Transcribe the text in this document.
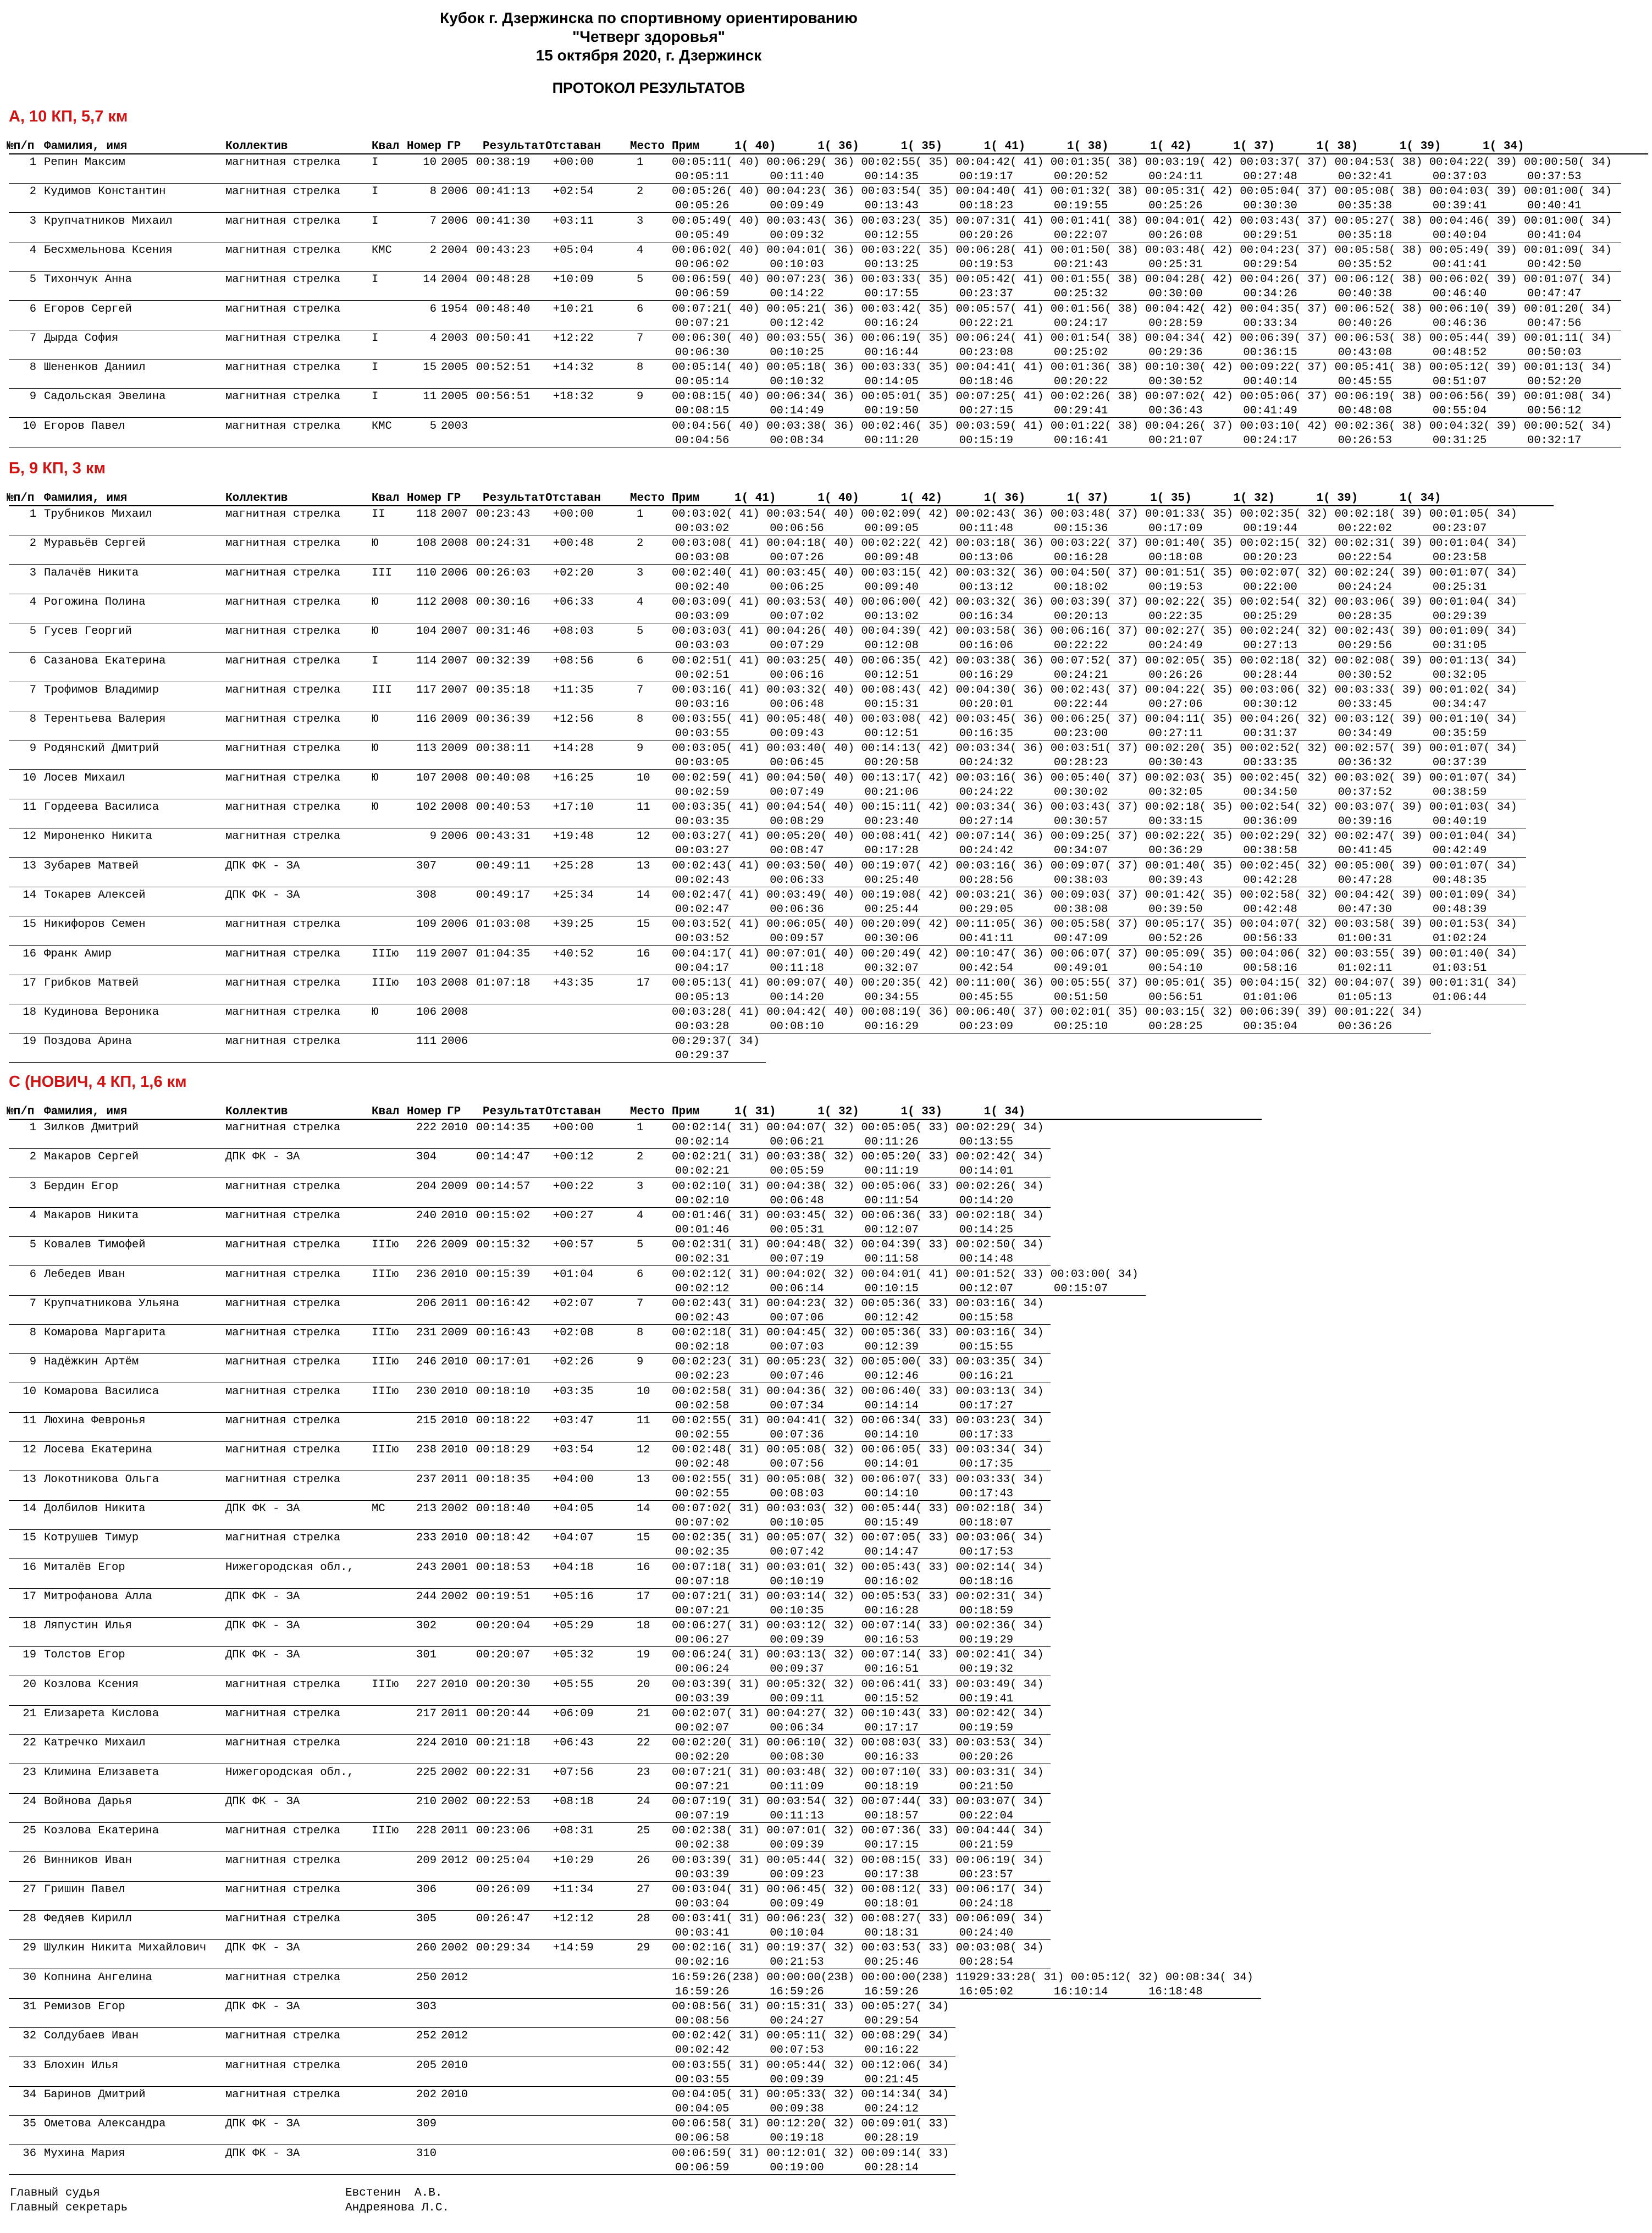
Кубок г. Дзержинска по спортивному ориентированию
"Четверг здоровья"
15 октября 2020, г. Дзержинск
ПРОТОКОЛ РЕЗУЛЬТАТОВ
А, 10 КП, 5,7 км
№п/п Фамилия, имя	Коллектив	Квал Номер ГР Результат Отставан	Место Прим	1( 40)      1( 36)      1( 35)      1( 41)      1( 38)      1( 42)      1( 37)      1( 38)      1( 39)      1( 34)
1 Репин Максим	магнитная стрелка	I	10 2005 00:38:19 +00:00	1	00:05:11( 40) 00:06:29( 36) 00:02:55( 35) 00:04:42( 41) 00:01:35( 38) 00:03:19( 42) 00:03:37( 37) 00:04:53( 38) 00:04:22( 39) 00:00:50( 34)
00:05:11      00:11:40      00:14:35      00:19:17      00:20:52      00:24:11      00:27:48      00:32:41      00:37:03      00:37:53
2 Кудимов Константин	магнитная стрелка	I	8 2006 00:41:13 +02:54	2	00:05:26( 40) 00:04:23( 36) 00:03:54( 35) 00:04:40( 41) 00:01:32( 38) 00:05:31( 42) 00:05:04( 37) 00:05:08( 38) 00:04:03( 39) 00:01:00( 34)
00:05:26      00:09:49      00:13:43      00:18:23      00:19:55      00:25:26      00:30:30      00:35:38      00:39:41      00:40:41
3 Крупчатников Михаил	магнитная стрелка	I	7 2006 00:41:30 +03:11	3	00:05:49( 40) 00:03:43( 36) 00:03:23( 35) 00:07:31( 41) 00:01:41( 38) 00:04:01( 42) 00:03:43( 37) 00:05:27( 38) 00:04:46( 39) 00:01:00( 34)
00:05:49      00:09:32      00:12:55      00:20:26      00:22:07      00:26:08      00:29:51      00:35:18      00:40:04      00:41:04
4 Бесхмельнова Ксения	магнитная стрелка	КМС	2 2004 00:43:23 +05:04	4	00:06:02( 40) 00:04:01( 36) 00:03:22( 35) 00:06:28( 41) 00:01:50( 38) 00:03:48( 42) 00:04:23( 37) 00:05:58( 38) 00:05:49( 39) 00:01:09( 34)
00:06:02      00:10:03      00:13:25      00:19:53      00:21:43      00:25:31      00:29:54      00:35:52      00:41:41      00:42:50
5 Тихончук Анна	магнитная стрелка	I	14 2004 00:48:28 +10:09	5	00:06:59( 40) 00:07:23( 36) 00:03:33( 35) 00:05:42( 41) 00:01:55( 38) 00:04:28( 42) 00:04:26( 37) 00:06:12( 38) 00:06:02( 39) 00:01:07( 34)
00:06:59      00:14:22      00:17:55      00:23:37      00:25:32      00:30:00      00:34:26      00:40:38      00:46:40      00:47:47
6 Егоров Сергей	магнитная стрелка	6 1954 00:48:40 +10:21	6	00:07:21( 40) 00:05:21( 36) 00:03:42( 35) 00:05:57( 41) 00:01:56( 38) 00:04:42( 42) 00:04:35( 37) 00:06:52( 38) 00:06:10( 39) 00:01:20( 34)
00:07:21      00:12:42      00:16:24      00:22:21      00:24:17      00:28:59      00:33:34      00:40:26      00:46:36      00:47:56
7 Дырда София	магнитная стрелка	I	4 2003 00:50:41 +12:22	7	00:06:30( 40) 00:03:55( 36) 00:06:19( 35) 00:06:24( 41) 00:01:54( 38) 00:04:34( 42) 00:06:39( 37) 00:06:53( 38) 00:05:44( 39) 00:01:11( 34)
00:06:30      00:10:25      00:16:44      00:23:08      00:25:02      00:29:36      00:36:15      00:43:08      00:48:52      00:50:03
8 Шененков Даниил	магнитная стрелка	I	15 2005 00:52:51 +14:32	8	00:05:14( 40) 00:05:18( 36) 00:03:33( 35) 00:04:41( 41) 00:01:36( 38) 00:10:30( 42) 00:09:22( 37) 00:05:41( 38) 00:05:12( 39) 00:01:13( 34)
00:05:14      00:10:32      00:14:05      00:18:46      00:20:22      00:30:52      00:40:14      00:45:55      00:51:07      00:52:20
9 Садольская Эвелина	магнитная стрелка	I	11 2005 00:56:51 +18:32	9	00:08:15( 40) 00:06:34( 36) 00:05:01( 35) 00:07:25( 41) 00:02:26( 38) 00:07:02( 42) 00:05:06( 37) 00:06:19( 38) 00:06:56( 39) 00:01:08( 34)
00:08:15      00:14:49      00:19:50      00:27:15      00:29:41      00:36:43      00:41:49      00:48:08      00:55:04      00:56:12
10 Егоров Павел	магнитная стрелка	КМС	5 2003	00:04:56( 40) 00:03:38( 36) 00:02:46( 35) 00:03:59( 41) 00:01:22( 38) 00:04:26( 37) 00:03:10( 42) 00:02:36( 38) 00:04:32( 39) 00:00:52( 34)
00:04:56      00:08:34      00:11:20      00:15:19      00:16:41      00:21:07      00:24:17      00:26:53      00:31:25      00:32:17
Б, 9 КП, 3 км
№п/п Фамилия, имя	Коллектив	Квал Номер ГР Результат Отставан	Место Прим	1( 41)      1( 40)      1( 42)      1( 36)      1( 37)      1( 35)      1( 32)      1( 39)      1( 34)
1 Трубников Михаил	магнитная стрелка	II	118 2007 00:23:43 +00:00	1	00:03:02( 41) 00:03:54( 40) 00:02:09( 42) 00:02:43( 36) 00:03:48( 37) 00:01:33( 35) 00:02:35( 32) 00:02:18( 39) 00:01:05( 34)
00:03:02      00:06:56      00:09:05      00:11:48      00:15:36      00:17:09      00:19:44      00:22:02      00:23:07
2 Муравьёв Сергей	магнитная стрелка	Ю	108 2008 00:24:31 +00:48	2	00:03:08( 41) 00:04:18( 40) 00:02:22( 42) 00:03:18( 36) 00:03:22( 37) 00:01:40( 35) 00:02:15( 32) 00:02:31( 39) 00:01:04( 34)
00:03:08      00:07:26      00:09:48      00:13:06      00:16:28      00:18:08      00:20:23      00:22:54      00:23:58
3 Палачёв Никита	магнитная стрелка	III	110 2006 00:26:03 +02:20	3	00:02:40( 41) 00:03:45( 40) 00:03:15( 42) 00:03:32( 36) 00:04:50( 37) 00:01:51( 35) 00:02:07( 32) 00:02:24( 39) 00:01:07( 34)
00:02:40      00:06:25      00:09:40      00:13:12      00:18:02      00:19:53      00:22:00      00:24:24      00:25:31
4 Рогожина Полина	магнитная стрелка	Ю	112 2008 00:30:16 +06:33	4	00:03:09( 41) 00:03:53( 40) 00:06:00( 42) 00:03:32( 36) 00:03:39( 37) 00:02:22( 35) 00:02:54( 32) 00:03:06( 39) 00:01:04( 34)
00:03:09      00:07:02      00:13:02      00:16:34      00:20:13      00:22:35      00:25:29      00:28:35      00:29:39
5 Гусев Георгий	магнитная стрелка	Ю	104 2007 00:31:46 +08:03	5	00:03:03( 41) 00:04:26( 40) 00:04:39( 42) 00:03:58( 36) 00:06:16( 37) 00:02:27( 35) 00:02:24( 32) 00:02:43( 39) 00:01:09( 34)
00:03:03      00:07:29      00:12:08      00:16:06      00:22:22      00:24:49      00:27:13      00:29:56      00:31:05
6 Сазанова Екатерина	магнитная стрелка	I	114 2007 00:32:39 +08:56	6	00:02:51( 41) 00:03:25( 40) 00:06:35( 42) 00:03:38( 36) 00:07:52( 37) 00:02:05( 35) 00:02:18( 32) 00:02:08( 39) 00:01:13( 34)
00:02:51      00:06:16      00:12:51      00:16:29      00:24:21      00:26:26      00:28:44      00:30:52      00:32:05
7 Трофимов Владимир	магнитная стрелка	III	117 2007 00:35:18 +11:35	7	00:03:16( 41) 00:03:32( 40) 00:08:43( 42) 00:04:30( 36) 00:02:43( 37) 00:04:22( 35) 00:03:06( 32) 00:03:33( 39) 00:01:02( 34)
00:03:16      00:06:48      00:15:31      00:20:01      00:22:44      00:27:06      00:30:12      00:33:45      00:34:47
8 Терентьева Валерия	магнитная стрелка	Ю	116 2009 00:36:39 +12:56	8	00:03:55( 41) 00:05:48( 40) 00:03:08( 42) 00:03:45( 36) 00:06:25( 37) 00:04:11( 35) 00:04:26( 32) 00:03:12( 39) 00:01:10( 34)
00:03:55      00:09:43      00:12:51      00:16:35      00:23:00      00:27:11      00:31:37      00:34:49      00:35:59
9 Родянский Дмитрий	магнитная стрелка	Ю	113 2009 00:38:11 +14:28	9	00:03:05( 41) 00:03:40( 40) 00:14:13( 42) 00:03:34( 36) 00:03:51( 37) 00:02:20( 35) 00:02:52( 32) 00:02:57( 39) 00:01:07( 34)
00:03:05      00:06:45      00:20:58      00:24:32      00:28:23      00:30:43      00:33:35      00:36:32      00:37:39
10 Лосев Михаил	магнитная стрелка	Ю	107 2008 00:40:08 +16:25	10 00:02:59( 41) 00:04:50( 40) 00:13:17( 42) 00:03:16( 36) 00:05:40( 37) 00:02:03( 35) 00:02:45( 32) 00:03:02( 39) 00:01:07( 34)
00:02:59      00:07:49      00:21:06      00:24:22      00:30:02      00:32:05      00:34:50      00:37:52      00:38:59
11 Гордеева Василиса	магнитная стрелка	Ю	102 2008 00:40:53 +17:10	11 00:03:35( 41) 00:04:54( 40) 00:15:11( 42) 00:03:34( 36) 00:03:43( 37) 00:02:18( 35) 00:02:54( 32) 00:03:07( 39) 00:01:03( 34)
00:03:35      00:08:29      00:23:40      00:27:14      00:30:57      00:33:15      00:36:09      00:39:16      00:40:19
12 Мироненко Никита	магнитная стрелка	9 2006 00:43:31 +19:48	12 00:03:27( 41) 00:05:20( 40) 00:08:41( 42) 00:07:14( 36) 00:09:25( 37) 00:02:22( 35) 00:02:29( 32) 00:02:47( 39) 00:01:04( 34)
00:03:27      00:08:47      00:17:28      00:24:42      00:34:07      00:36:29      00:38:58      00:41:45      00:42:49
13 Зубарев Матвей	ДПК ФК - ЗА	307	00:49:11 +25:28	13 00:02:43( 41) 00:03:50( 40) 00:19:07( 42) 00:03:16( 36) 00:09:07( 37) 00:01:40( 35) 00:02:45( 32) 00:05:00( 39) 00:01:07( 34)
00:02:43      00:06:33      00:25:40      00:28:56      00:38:03      00:39:43      00:42:28      00:47:28      00:48:35
14 Токарев Алексей	ДПК ФК - ЗА	308	00:49:17 +25:34	14 00:02:47( 41) 00:03:49( 40) 00:19:08( 42) 00:03:21( 36) 00:09:03( 37) 00:01:42( 35) 00:02:58( 32) 00:04:42( 39) 00:01:09( 34)
00:02:47      00:06:36      00:25:44      00:29:05      00:38:08      00:39:50      00:42:48      00:47:30      00:48:39
15 Никифоров Семен	магнитная стрелка	109 2006 01:03:08 +39:25	15 00:03:52( 41) 00:06:05( 40) 00:20:09( 42) 00:11:05( 36) 00:05:58( 37) 00:05:17( 35) 00:04:07( 32) 00:03:58( 39) 00:01:53( 34)
00:03:52      00:09:57      00:30:06      00:41:11      00:47:09      00:52:26      00:56:33      01:00:31      01:02:24
16 Франк Амир	магнитная стрелка	IIIю	119 2007 01:04:35 +40:52	16 00:04:17( 41) 00:07:01( 40) 00:20:49( 42) 00:10:47( 36) 00:06:07( 37) 00:05:09( 35) 00:04:06( 32) 00:03:55( 39) 00:01:40( 34)
00:04:17      00:11:18      00:32:07      00:42:54      00:49:01      00:54:10      00:58:16      01:02:11      01:03:51
17 Грибков Матвей	магнитная стрелка	IIIю	103 2008 01:07:18 +43:35	17 00:05:13( 41) 00:09:07( 40) 00:20:35( 42) 00:11:00( 36) 00:05:55( 37) 00:05:01( 35) 00:04:15( 32) 00:04:07( 39) 00:01:31( 34)
00:05:13      00:14:20      00:34:55      00:45:55      00:51:50      00:56:51      01:01:06      01:05:13      01:06:44
18 Кудинова Вероника	магнитная стрелка	Ю	106 2008	00:03:28( 41) 00:04:42( 40) 00:08:19( 36) 00:06:40( 37) 00:02:01( 35) 00:03:15( 32) 00:06:39( 39) 00:01:22( 34)
00:03:28      00:08:10      00:16:29      00:23:09      00:25:10      00:28:25      00:35:04      00:36:26
19 Поздова Арина	магнитная стрелка	111 2006	00:29:37( 34)
00:29:37
С (НОВИЧ, 4 КП, 1,6 км
№п/п Фамилия, имя	Коллектив	Квал Номер ГР Результат Отставан	Место Прим	1( 31)      1( 32)      1( 33)      1( 34)
1 Зилков Дмитрий	магнитная стрелка	222 2010 00:14:35 +00:00	1	00:02:14( 31) 00:04:07( 32) 00:05:05( 33) 00:02:29( 34)
00:02:14      00:06:21      00:11:26      00:13:55
2 Макаров Сергей	ДПК ФК - ЗА	304	00:14:47 +00:12	2	00:02:21( 31) 00:03:38( 32) 00:05:20( 33) 00:02:42( 34)
00:02:21      00:05:59      00:11:19      00:14:01
3 Бердин Егор	магнитная стрелка	204 2009 00:14:57 +00:22	3	00:02:10( 31) 00:04:38( 32) 00:05:06( 33) 00:02:26( 34)
00:02:10      00:06:48      00:11:54      00:14:20
4 Макаров Никита	магнитная стрелка	240 2010 00:15:02 +00:27	4	00:01:46( 31) 00:03:45( 32) 00:06:36( 33) 00:02:18( 34)
00:01:46      00:05:31      00:12:07      00:14:25
5 Ковалев Тимофей	магнитная стрелка	IIIю	226 2009 00:15:32 +00:57	5	00:02:31( 31) 00:04:48( 32) 00:04:39( 33) 00:02:50( 34)
00:02:31      00:07:19      00:11:58      00:14:48
6 Лебедев Иван	магнитная стрелка	IIIю	236 2010 00:15:39 +01:04	6	00:02:12( 31) 00:04:02( 32) 00:04:01( 41) 00:01:52( 33) 00:03:00( 34)
00:02:12      00:06:14      00:10:15      00:12:07      00:15:07
7 Крупчатникова Ульяна	магнитная стрелка	206 2011 00:16:42 +02:07	7	00:02:43( 31) 00:04:23( 32) 00:05:36( 33) 00:03:16( 34)
00:02:43      00:07:06      00:12:42      00:15:58
8 Комарова Маргарита	магнитная стрелка	IIIю	231 2009 00:16:43 +02:08	8	00:02:18( 31) 00:04:45( 32) 00:05:36( 33) 00:03:16( 34)
00:02:18      00:07:03      00:12:39      00:15:55
9 Надёжкин Артём	магнитная стрелка	IIIю	246 2010 00:17:01 +02:26	9	00:02:23( 31) 00:05:23( 32) 00:05:00( 33) 00:03:35( 34)
00:02:23      00:07:46      00:12:46      00:16:21
10 Комарова Василиса	магнитная стрелка	IIIю	230 2010 00:18:10 +03:35	10 00:02:58( 31) 00:04:36( 32) 00:06:40( 33) 00:03:13( 34)
00:02:58      00:07:34      00:14:14      00:17:27
11 Люхина Февронья	магнитная стрелка	215 2010 00:18:22 +03:47	11 00:02:55( 31) 00:04:41( 32) 00:06:34( 33) 00:03:23( 34)
00:02:55      00:07:36      00:14:10      00:17:33
12 Лосева Екатерина	магнитная стрелка	IIIю	238 2010 00:18:29 +03:54	12 00:02:48( 31) 00:05:08( 32) 00:06:05( 33) 00:03:34( 34)
00:02:48      00:07:56      00:14:01      00:17:35
13 Локотникова Ольга	магнитная стрелка	237 2011 00:18:35 +04:00	13 00:02:55( 31) 00:05:08( 32) 00:06:07( 33) 00:03:33( 34)
00:02:55      00:08:03      00:14:10      00:17:43
14 Долбилов Никита	ДПК ФК - ЗА	МС	213 2002 00:18:40 +04:05	14 00:07:02( 31) 00:03:03( 32) 00:05:44( 33) 00:02:18( 34)
00:07:02      00:10:05      00:15:49      00:18:07
15 Котрушев Тимур	магнитная стрелка	233 2010 00:18:42 +04:07	15 00:02:35( 31) 00:05:07( 32) 00:07:05( 33) 00:03:06( 34)
00:02:35      00:07:42      00:14:47      00:17:53
16 Миталёв Егор	Нижегородская обл.,	243 2001 00:18:53 +04:18	16 00:07:18( 31) 00:03:01( 32) 00:05:43( 33) 00:02:14( 34)
00:07:18      00:10:19      00:16:02      00:18:16
17 Митрофанова Алла	ДПК ФК - ЗА	244 2002 00:19:51 +05:16	17 00:07:21( 31) 00:03:14( 32) 00:05:53( 33) 00:02:31( 34)
00:07:21      00:10:35      00:16:28      00:18:59
18 Ляпустин Илья	ДПК ФК - ЗА	302	00:20:04 +05:29	18 00:06:27( 31) 00:03:12( 32) 00:07:14( 33) 00:02:36( 34)
00:06:27      00:09:39      00:16:53      00:19:29
19 Толстов Егор	ДПК ФК - ЗА	301	00:20:07 +05:32	19 00:06:24( 31) 00:03:13( 32) 00:07:14( 33) 00:02:41( 34)
00:06:24      00:09:37      00:16:51      00:19:32
20 Козлова Ксения	магнитная стрелка	IIIю	227 2010 00:20:30 +05:55	20 00:03:39( 31) 00:05:32( 32) 00:06:41( 33) 00:03:49( 34)
00:03:39      00:09:11      00:15:52      00:19:41
21 Елизарета Кислова	магнитная стрелка	217 2011 00:20:44 +06:09	21 00:02:07( 31) 00:04:27( 32) 00:10:43( 33) 00:02:42( 34)
00:02:07      00:06:34      00:17:17      00:19:59
22 Катречко Михаил	магнитная стрелка	224 2010 00:21:18 +06:43	22 00:02:20( 31) 00:06:10( 32) 00:08:03( 33) 00:03:53( 34)
00:02:20      00:08:30      00:16:33      00:20:26
23 Климина Елизавета	Нижегородская обл.,	225 2002 00:22:31 +07:56	23 00:07:21( 31) 00:03:48( 32) 00:07:10( 33) 00:03:31( 34)
00:07:21      00:11:09      00:18:19      00:21:50
24 Войнова Дарья	ДПК ФК - ЗА	210 2002 00:22:53 +08:18	24 00:07:19( 31) 00:03:54( 32) 00:07:44( 33) 00:03:07( 34)
00:07:19      00:11:13      00:18:57      00:22:04
25 Козлова Екатерина	магнитная стрелка	IIIю	228 2011 00:23:06 +08:31	25 00:02:38( 31) 00:07:01( 32) 00:07:36( 33) 00:04:44( 34)
00:02:38      00:09:39      00:17:15      00:21:59
26 Винников Иван	магнитная стрелка	209 2012 00:25:04 +10:29	26 00:03:39( 31) 00:05:44( 32) 00:08:15( 33) 00:06:19( 34)
00:03:39      00:09:23      00:17:38      00:23:57
27 Гришин Павел	магнитная стрелка	306	00:26:09 +11:34	27 00:03:04( 31) 00:06:45( 32) 00:08:12( 33) 00:06:17( 34)
00:03:04      00:09:49      00:18:01      00:24:18
28 Федяев Кирилл	магнитная стрелка	305	00:26:47 +12:12	28 00:03:41( 31) 00:06:23( 32) 00:08:27( 33) 00:06:09( 34)
00:03:41      00:10:04      00:18:31      00:24:40
29 Шулкин Никита Михайлович ДПК ФК - ЗА	260 2002 00:29:34 +14:59	29 00:02:16( 31) 00:19:37( 32) 00:03:53( 33) 00:03:08( 34)
00:02:16      00:21:53      00:25:46      00:28:54
30 Копнина Ангелина	магнитная стрелка	250 2012	16:59:26(238) 00:00:00(238) 00:00:00(238) 11929:33:28( 31) 00:05:12( 32) 00:08:34( 34)
16:59:26      16:59:26      16:59:26      16:05:02      16:10:14      16:18:48
31 Ремизов Егор	ДПК ФК - ЗА	303	00:08:56( 31) 00:15:31( 33) 00:05:27( 34)
00:08:56      00:24:27      00:29:54
32 Солдубаев Иван	магнитная стрелка	252 2012	00:02:42( 31) 00:05:11( 32) 00:08:29( 34)
00:02:42      00:07:53      00:16:22
33 Блохин Илья	магнитная стрелка	205 2010	00:03:55( 31) 00:05:44( 32) 00:12:06( 34)
00:03:55      00:09:39      00:21:45
34 Баринов Дмитрий	магнитная стрелка	202 2010	00:04:05( 31) 00:05:33( 32) 00:14:34( 34)
00:04:05      00:09:38      00:24:12
35 Ометова Александра	ДПК ФК - ЗА	309	00:06:58( 31) 00:12:20( 32) 00:09:01( 33)
00:06:58      00:19:18      00:28:19
36 Мухина Мария	ДПК ФК - ЗА	310	00:06:59( 31) 00:12:01( 32) 00:09:14( 33)
00:06:59      00:19:00      00:28:14
Главный судья	Евстенин  А.В.
Главный секретарь	Андреянова Л.С.
